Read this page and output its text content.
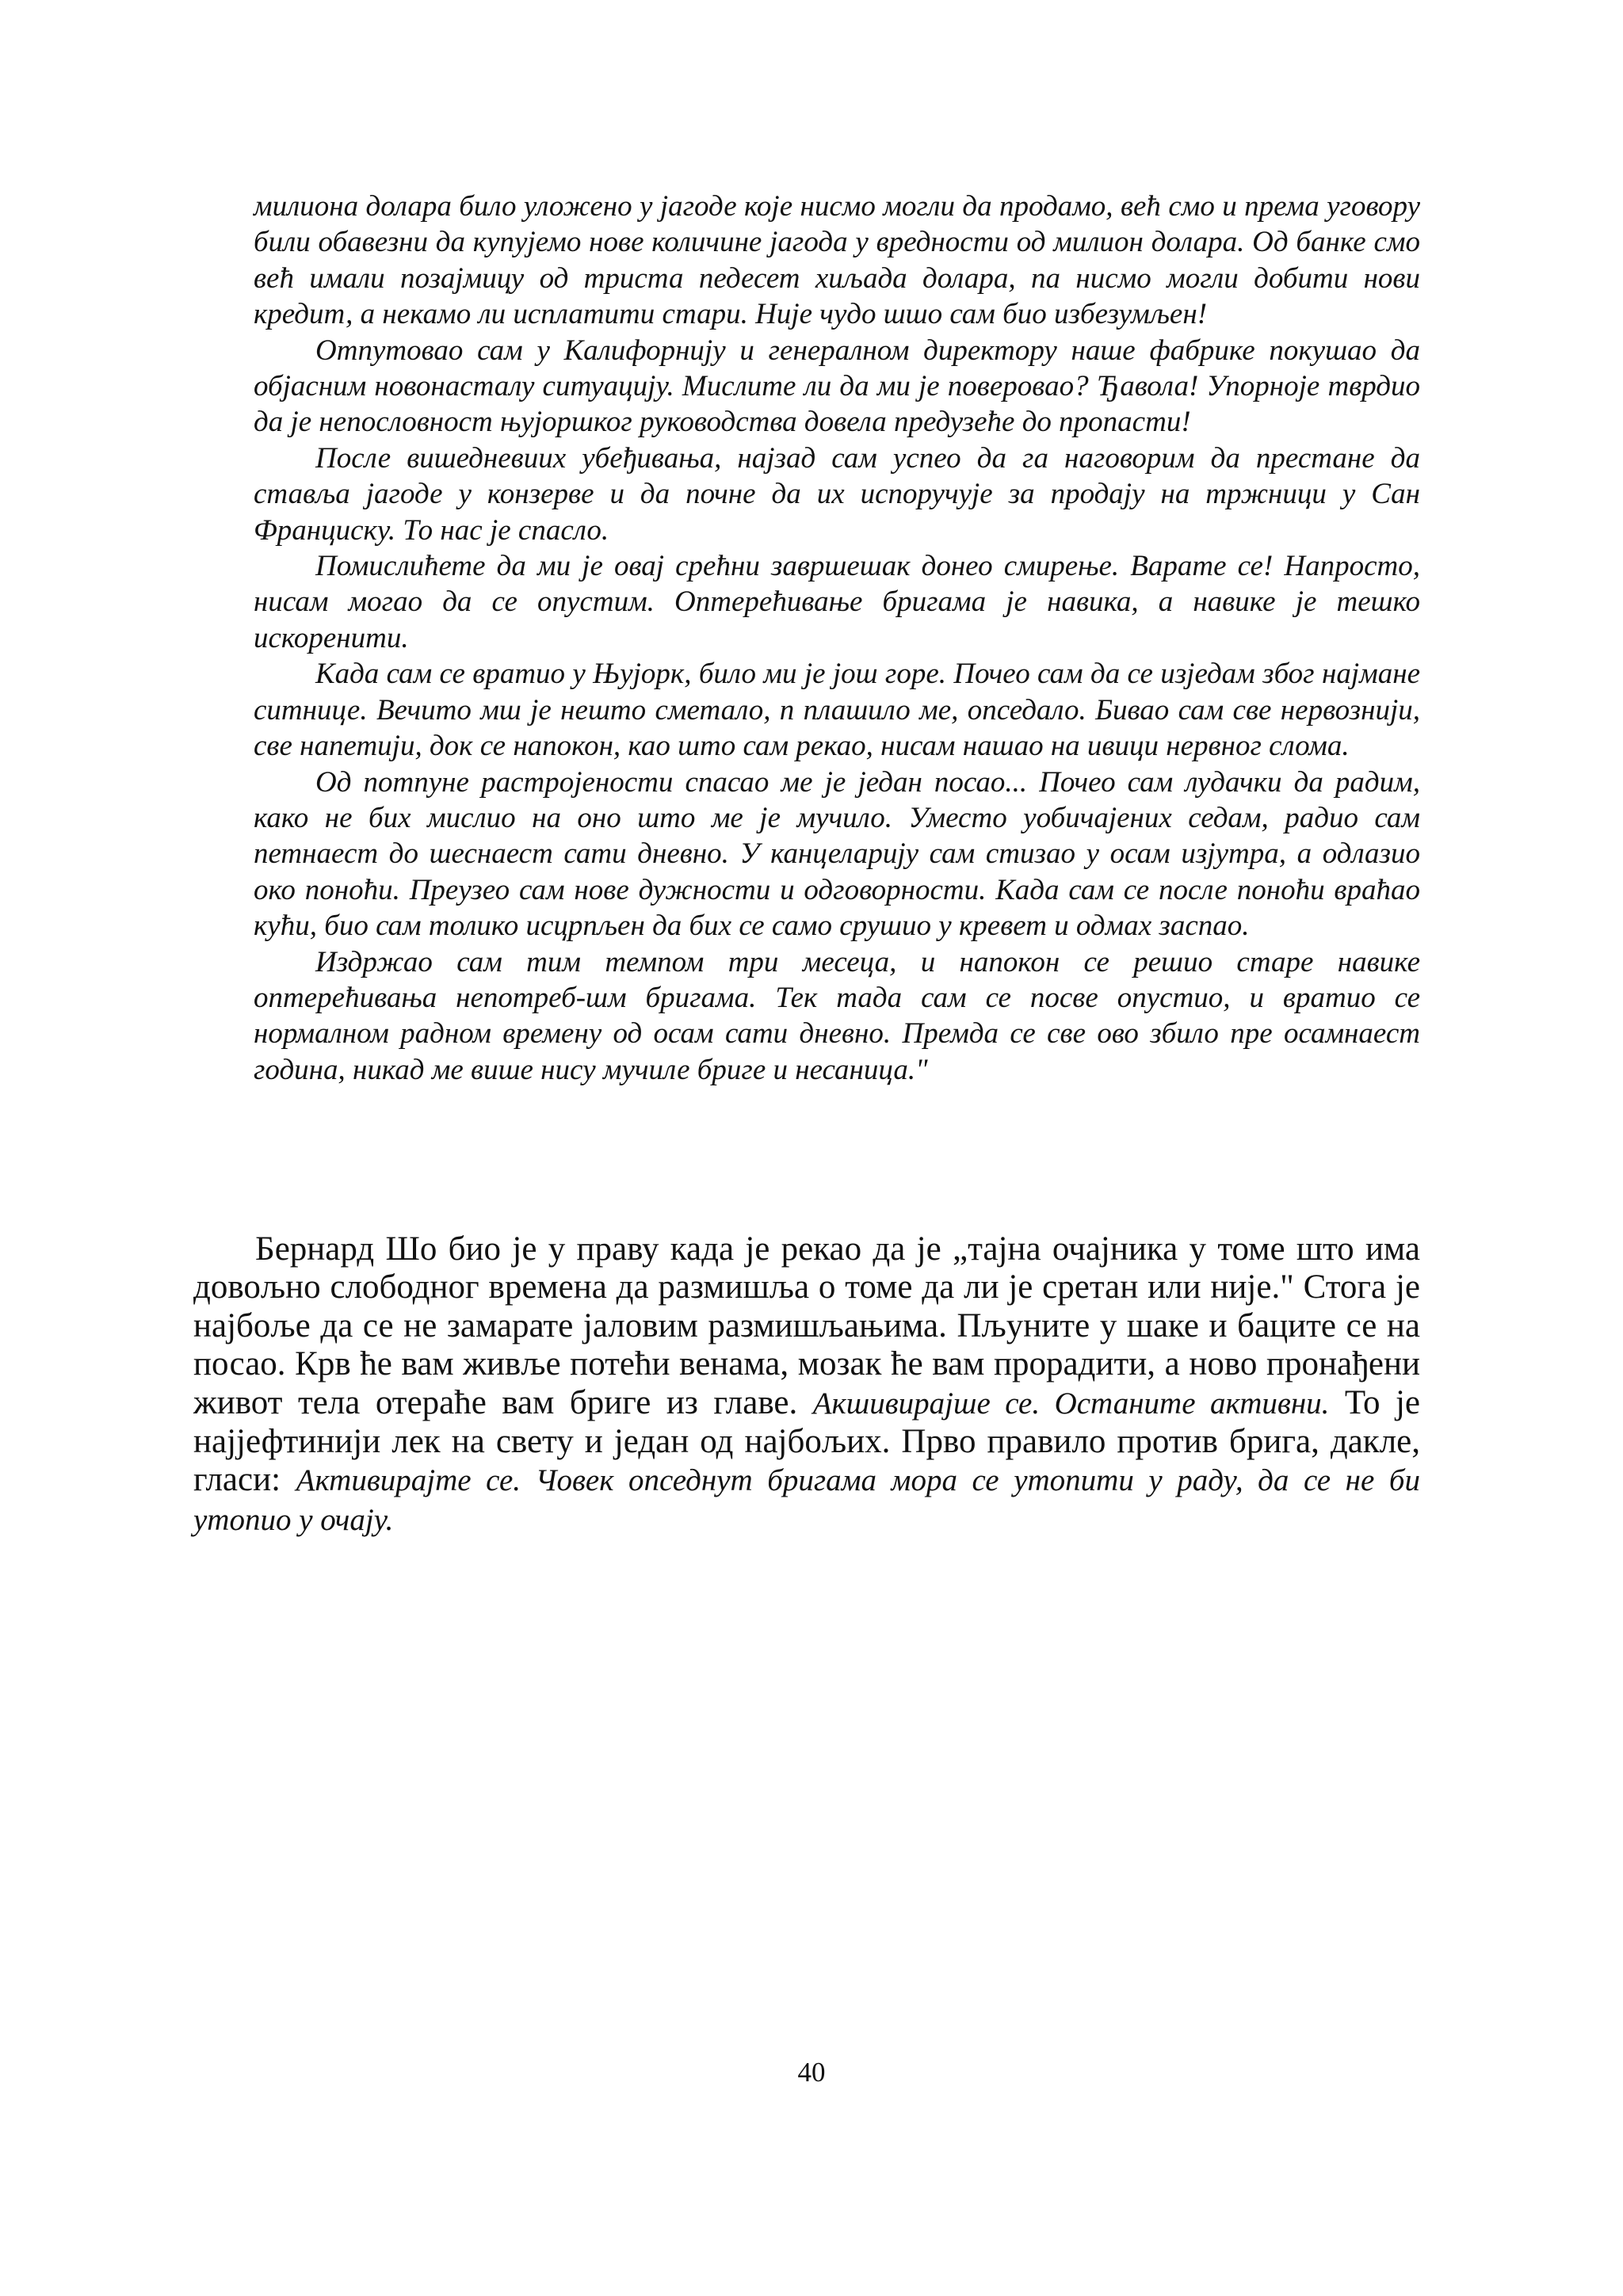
милиона долара било уложено у јагоде које нисмо могли да продамо, већ смо и према уговору били обавезни да купујемо нове количине јагода у вредности од милион долара. Од банке смо већ имали позајмицу од триста педесет хиљада долара, па нисмо могли добити нови кредит, а некамо ли исплатити стари. Није чудо шшо сам био избезумљен!

Отпутовао сам у Калифорнију и генералном директору наше фабрике покушао да објасним новонасталу ситуацију. Мислите ли да ми је поверовао? Ђавола! Упорноје тврдио да је непословност њујоршког руководства довела предузеће до пропасти!

После вишедневиих убеђивања, најзад сам успео да га наговорим да престане да ставља јагоде у конзерве и да почне да их испоручује за продају на тржници у Сан Франциску. То нас је спасло.

Помислићете да ми је овај срећни завршешак донео смирење. Варате се! Напросто, нисам могао да се опустим. Оптерећивање бригама је навика, а навике је тешко искоренити.

Када сам се вратио у Њујорк, било ми је још горе. Почео сам да се изједам због најмане ситнице. Вечито мш је нешто сметало, п плашило ме, опседало. Бивао сам све нервознији, све напетији, док се напокон, као што сам рекао, нисам нашао на ивици нервног слома.

Од потпуне растројености спасао ме је један посао... Почео сам лудачки да радим, како не бих мислио на оно што ме је мучило. Уместо уобичајених седам, радио сам петнаест до шеснаест сати дневно. У канцеларију сам стизао у осам изјутра, а одлазио око поноћи. Преузео сам нове дужности и одговорности. Када сам се после поноћи враћао кући, био сам толико исцрпљен да бих се само срушио у кревет и одмах заспао.

Издржао сам тим темпом три месеца, и напокон се решио старе навике оптерећивања непотреб-шм бригама. Тек тада сам се посве опустио, и вратио се нормалном радном времену од осам сати дневно. Премда се све ово збило пре осамнаест година, никад ме више нису мучиле бриге и несаница."

Бернард Шо био је у праву када је рекао да је „тајна очајника у томе што има довољно слободног времена да размишља о томе да ли је сретан или није." Стога је најбоље да се не замарате јаловим размишљањима. Пљуните у шаке и баците се на посао. Крв ће вам живље потећи венама, мозак ће вам прорадити, а ново пронађени живот тела отераће вам бриге из главе. Акшивирајше се. Останите активни. То је најјефтинији лек на свету и један од најбољих. Прво правило против брига, дакле, гласи: Активирајте се. Човек опседнут бригама мора се утопити у раду, да се не би утопио у очају.

40
